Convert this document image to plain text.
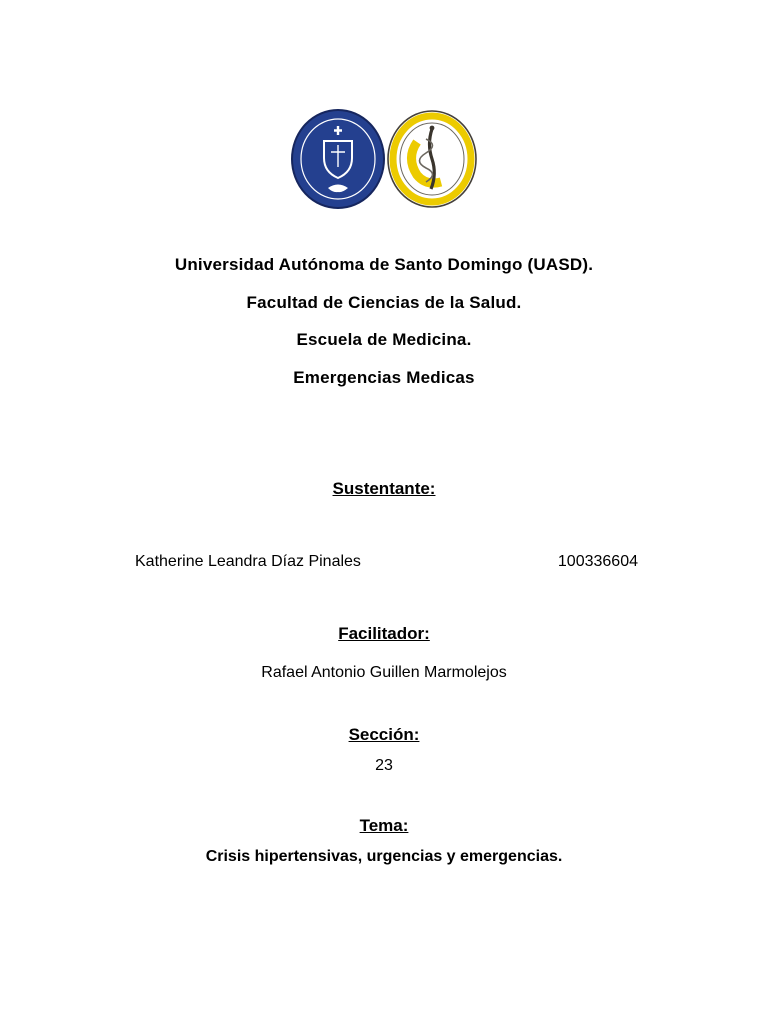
Universidad Autónoma de Santo Domingo (UASD).

Facultad de Ciencias de la Salud.

Escuela de Medicina.

Emergencias Medicas

Sustentante:

Katherine Leandra Díaz Pinales	100336604

Facilitador:

Rafael Antonio Guillen Marmolejos

Sección:

23

Tema:

Crisis hipertensivas, urgencias y emergencias.
